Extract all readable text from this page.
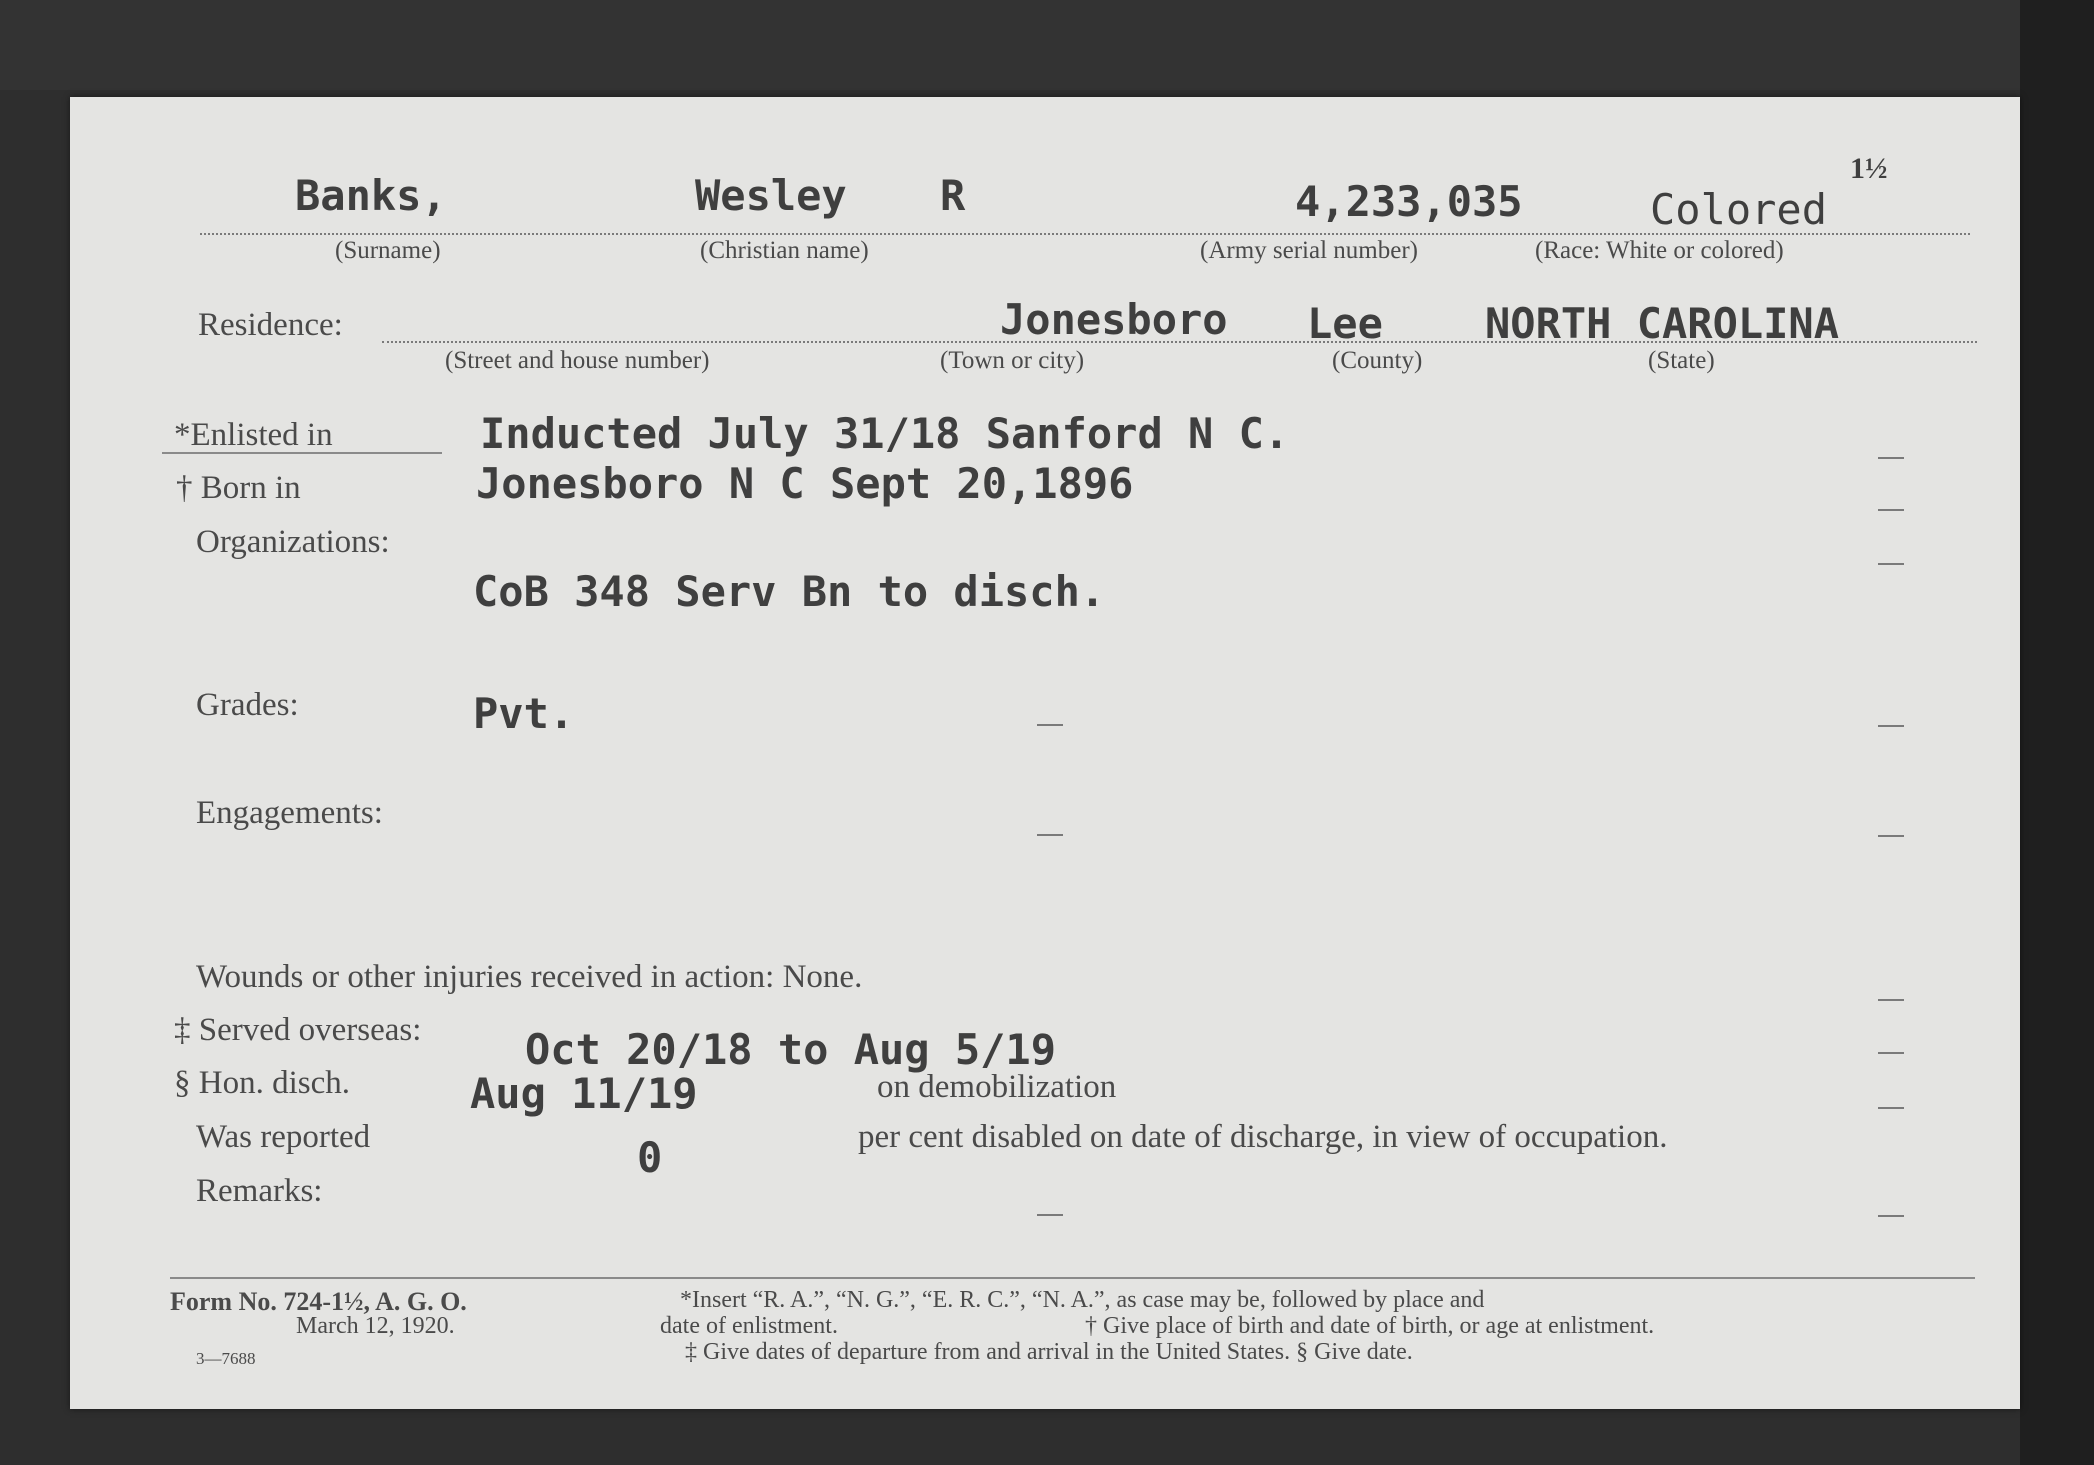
1½
Banks,	Wesley R	4,233,035	Colored
(Surname)	(Christian name)	(Army serial number)	(Race: White or colored)
Residence:	Jonesboro Lee NORTH CAROLINA
(Street and house number)	(Town or city)	(County)	(State)
*Enlisted in	Inducted July 31/18 Sanford N C.
† Born in	Jonesboro N C Sept 20,1896
Organizations:
CoB 348 Serv Bn to disch.
Grades:	Pvt.
Engagements:
Wounds or other injuries received in action: None.
‡ Served overseas: Oct 20/18 to Aug 5/19
§ Hon. disch.	Aug 11/19	on demobilization
Was reported	0	per cent disabled on date of discharge, in view of occupation.
Remarks:
Form No. 724-1½, A. G. O.
March 12, 1920.
3—7688
*Insert “R. A.”, “N. G.”, “E. R. C.”, “N. A.”, as case may be, followed by place and
date of enlistment.	† Give place of birth and date of birth, or age at enlistment.
‡ Give dates of departure from and arrival in the United States. § Give date.
